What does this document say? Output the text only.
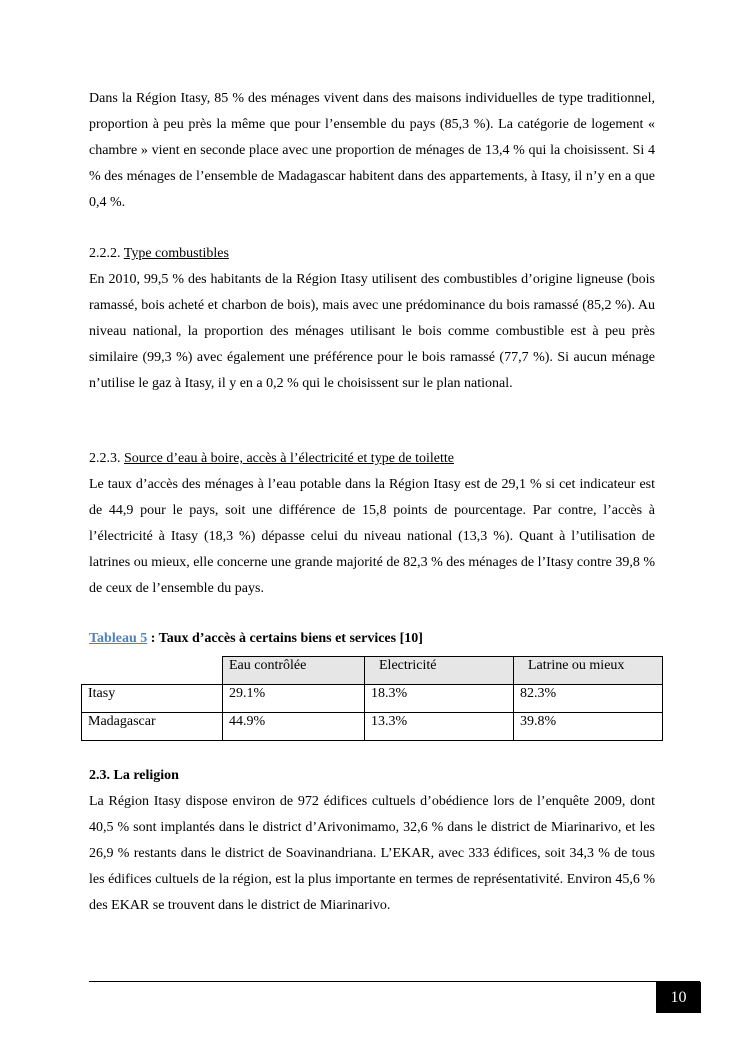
Dans la Région Itasy, 85 % des ménages vivent dans des maisons individuelles de type traditionnel, proportion à peu près la même que pour l’ensemble du pays (85,3 %). La catégorie de logement « chambre » vient en seconde place avec une proportion de ménages de 13,4 % qui la choisissent. Si 4 % des ménages de l’ensemble de Madagascar habitent dans des appartements, à Itasy, il n’y en a que 0,4 %.

2.2.2. Type combustibles

En 2010, 99,5 % des habitants de la Région Itasy utilisent des combustibles d’origine ligneuse (bois ramassé, bois acheté et charbon de bois), mais avec une prédominance du bois ramassé (85,2 %). Au niveau national, la proportion des ménages utilisant le bois comme combustible est à peu près similaire (99,3 %) avec également une préférence pour le bois ramassé (77,7 %). Si aucun ménage n’utilise le gaz à Itasy, il y en a 0,2 % qui le choisissent sur le plan national.

2.2.3. Source d’eau à boire, accès à l’électricité et type de toilette

Le taux d’accès des ménages à l’eau potable dans la Région Itasy est de 29,1 % si cet indicateur est de 44,9 pour le pays, soit une différence de 15,8 points de pourcentage. Par contre, l’accès à l’électricité à Itasy (18,3 %) dépasse celui du niveau national (13,3 %). Quant à l’utilisation de latrines ou mieux, elle concerne une grande majorité de 82,3 % des ménages de l’Itasy contre 39,8 % de ceux de l’ensemble du pays.

Tableau 5 : Taux d’accès à certains biens et services [10]

	Eau contrôlée	Electricité	Latrine ou mieux
Itasy	29.1%	18.3%	82.3%
Madagascar	44.9%	13.3%	39.8%

2.3. La religion

La Région Itasy dispose environ de 972 édifices cultuels d’obédience lors de l’enquête 2009, dont 40,5 % sont implantés dans le district d’Arivonimamo, 32,6 % dans le district de Miarinarivo, et les 26,9 % restants dans le district de Soavinandriana. L’EKAR, avec 333 édifices, soit 34,3 % de tous les édifices cultuels de la région, est la plus importante en termes de représentativité. Environ 45,6 % des EKAR se trouvent dans le district de Miarinarivo.

10
